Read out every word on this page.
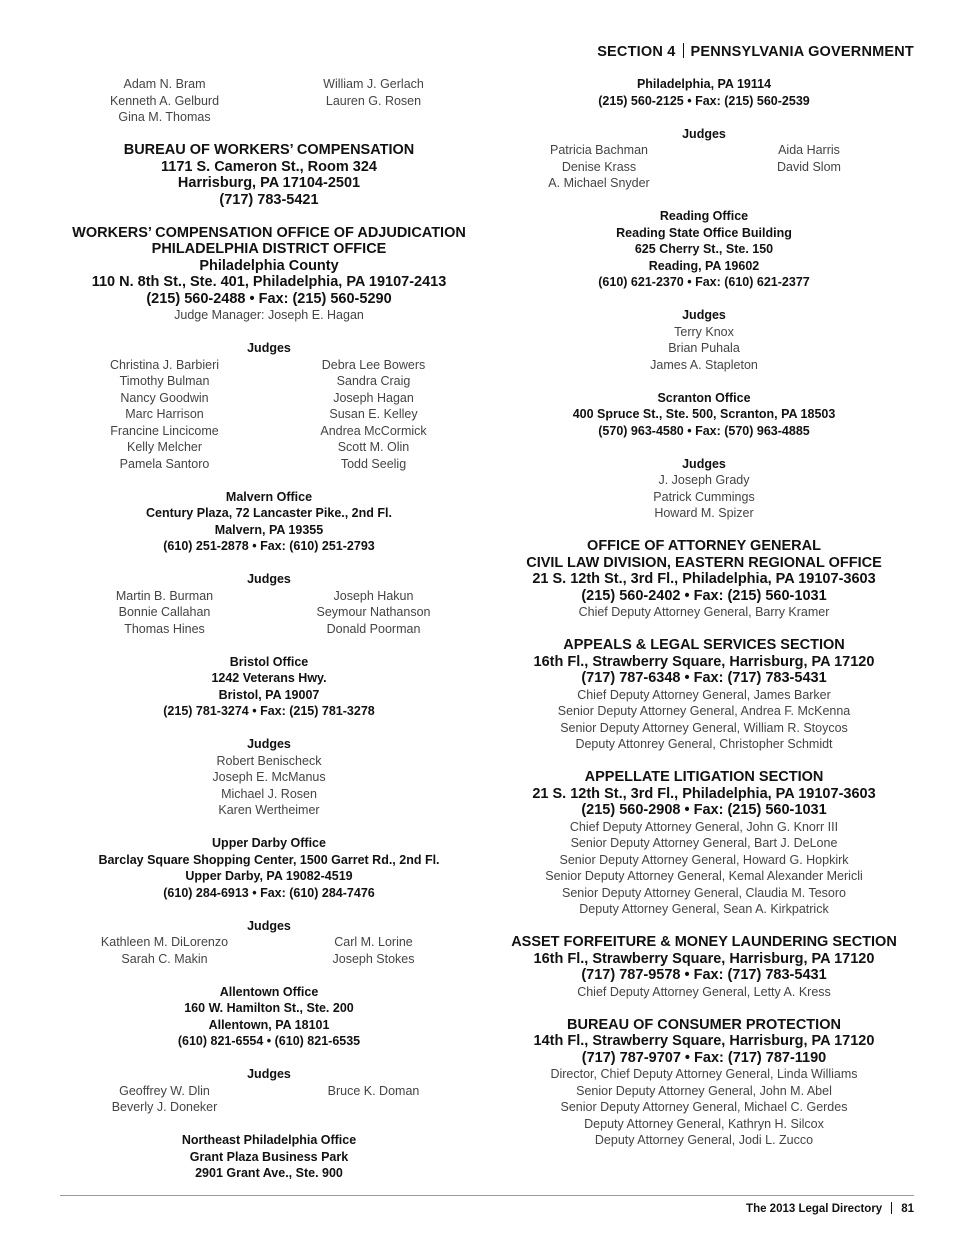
SECTION 4 PENNSYLVANIA GOVERNMENT
Adam N. Bram
Kenneth A. Gelburd
Gina M. Thomas
William J. Gerlach
Lauren G. Rosen
BUREAU OF WORKERS’ COMPENSATION
1171 S. Cameron St., Room 324
Harrisburg, PA 17104-2501
(717) 783-5421
WORKERS’ COMPENSATION OFFICE OF ADJUDICATION
PHILADELPHIA DISTRICT OFFICE
Philadelphia County
110 N. 8th St., Ste. 401, Philadelphia, PA 19107-2413
(215) 560-2488 • Fax: (215) 560-5290
Judge Manager: Joseph E. Hagan
Judges
Christina J. Barbieri
Timothy Bulman
Nancy Goodwin
Marc Harrison
Francine Lincicome
Kelly Melcher
Pamela Santoro
Debra Lee Bowers
Sandra Craig
Joseph Hagan
Susan E. Kelley
Andrea McCormick
Scott M. Olin
Todd Seelig
Malvern Office
Century Plaza, 72 Lancaster Pike., 2nd Fl.
Malvern, PA 19355
(610) 251-2878 • Fax: (610) 251-2793
Judges
Martin B. Burman
Bonnie Callahan
Thomas Hines
Joseph Hakun
Seymour Nathanson
Donald Poorman
Bristol Office
1242 Veterans Hwy.
Bristol, PA 19007
(215) 781-3274 • Fax: (215) 781-3278
Judges
Robert Benischeck
Joseph E. McManus
Michael J. Rosen
Karen Wertheimer
Upper Darby Office
Barclay Square Shopping Center, 1500 Garret Rd., 2nd Fl.
Upper Darby, PA 19082-4519
(610) 284-6913 • Fax: (610) 284-7476
Judges
Kathleen M. DiLorenzo
Sarah C. Makin
Carl M. Lorine
Joseph Stokes
Allentown Office
160 W. Hamilton St., Ste. 200
Allentown, PA 18101
(610) 821-6554 • (610) 821-6535
Judges
Geoffrey W. Dlin
Beverly J. Doneker
Bruce K. Doman
Northeast Philadelphia Office
Grant Plaza Business Park
2901 Grant Ave., Ste. 900
Philadelphia, PA 19114
(215) 560-2125 • Fax: (215) 560-2539
Judges
Patricia Bachman
Denise Krass
A. Michael Snyder
Aida Harris
David Slom
Reading Office
Reading State Office Building
625 Cherry St., Ste. 150
Reading, PA 19602
(610) 621-2370 • Fax: (610) 621-2377
Judges
Terry Knox
Brian Puhala
James A. Stapleton
Scranton Office
400 Spruce St., Ste. 500, Scranton, PA 18503
(570) 963-4580 • Fax: (570) 963-4885
Judges
J. Joseph Grady
Patrick Cummings
Howard M. Spizer
OFFICE OF ATTORNEY GENERAL
CIVIL LAW DIVISION, EASTERN REGIONAL OFFICE
21 S. 12th St., 3rd Fl., Philadelphia, PA 19107-3603
(215) 560-2402 • Fax: (215) 560-1031
Chief Deputy Attorney General, Barry Kramer
APPEALS & LEGAL SERVICES SECTION
16th Fl., Strawberry Square, Harrisburg, PA 17120
(717) 787-6348 • Fax: (717) 783-5431
Chief Deputy Attorney General, James Barker
Senior Deputy Attorney General, Andrea F. McKenna
Senior Deputy Attorney General, William R. Stoycos
Deputy Attonrey General, Christopher Schmidt
APPELLATE LITIGATION SECTION
21 S. 12th St., 3rd Fl., Philadelphia, PA 19107-3603
(215) 560-2908 • Fax: (215) 560-1031
Chief Deputy Attorney General, John G. Knorr III
Senior Deputy Attorney General, Bart J. DeLone
Senior Deputy Attorney General, Howard G. Hopkirk
Senior Deputy Attorney General, Kemal Alexander Mericli
Senior Deputy Attorney General, Claudia M. Tesoro
Deputy Attorney General, Sean A. Kirkpatrick
ASSET FORFEITURE & MONEY LAUNDERING SECTION
16th Fl., Strawberry Square, Harrisburg, PA 17120
(717) 787-9578 • Fax: (717) 783-5431
Chief Deputy Attorney General, Letty A. Kress
BUREAU OF CONSUMER PROTECTION
14th Fl., Strawberry Square, Harrisburg, PA 17120
(717) 787-9707 • Fax: (717) 787-1190
Director, Chief Deputy Attorney General, Linda Williams
Senior Deputy Attorney General, John M. Abel
Senior Deputy Attorney General, Michael C. Gerdes
Deputy Attorney General, Kathryn H. Silcox
Deputy Attorney General, Jodi L. Zucco
The 2013 Legal Directory 81
